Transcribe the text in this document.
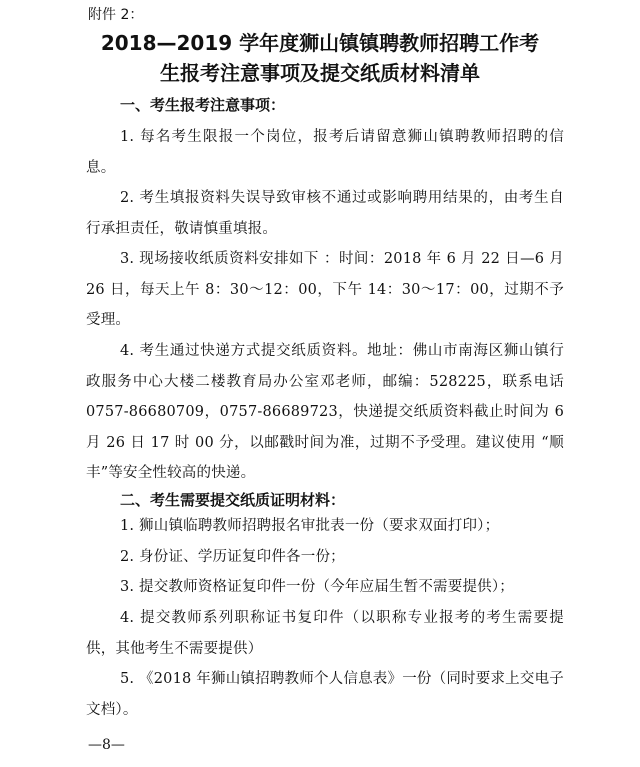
附件 2：
2018—2019 学年度狮山镇镇聘教师招聘工作考
生报考注意事项及提交纸质材料清单
一、考生报考注意事项：
1. 每名考生限报一个岗位，报考后请留意狮山镇聘教师招聘的信息。
2. 考生填报资料失误导致审核不通过或影响聘用结果的，由考生自行承担责任，敬请慎重填报。
3. 现场接收纸质资料安排如下 ：时间：2018 年 6 月 22 日—6 月 26 日，每天上午 8：30～12：00，下午 14：30～17：00，过期不予受理。
4. 考生通过快递方式提交纸质资料。地址：佛山市南海区狮山镇行政服务中心大楼二楼教育局办公室邓老师，邮编：528225，联系电话 0757-86680709，0757-86689723，快递提交纸质资料截止时间为 6 月 26 日 17 时 00 分，以邮戳时间为准，过期不予受理。建议使用 “顺丰”等安全性较高的快递。
二、考生需要提交纸质证明材料：
1. 狮山镇临聘教师招聘报名审批表一份（要求双面打印）；
2. 身份证、学历证复印件各一份；
3. 提交教师资格证复印件一份（今年应届生暂不需要提供）；
4. 提交教师系列职称证书复印件（以职称专业报考的考生需要提供，其他考生不需要提供）
5. 《2018 年狮山镇招聘教师个人信息表》一份（同时要求上交电子文档）。
—8—
